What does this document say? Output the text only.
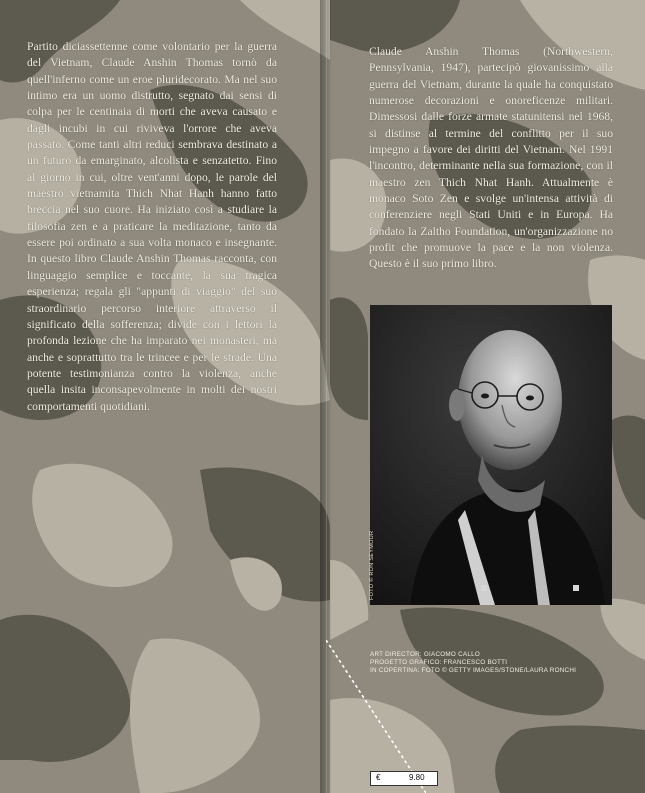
Partito diciassettenne come volontario per la guerra del Vietnam, Claude Anshin Thomas tornò da quell'inferno come un eroe pluridecorato. Ma nel suo intimo era un uomo distrutto, segnato dai sensi di colpa per le centinaia di morti che aveva causato e dagli incubi in cui riviveva l'orrore che aveva passato. Come tanti altri reduci sembrava destinato a un futuro da emarginato, alcolista e senzatetto. Fino al giorno in cui, oltre vent'anni dopo, le parole del maestro vietnamita Thich Nhat Hanh hanno fatto breccia nel suo cuore. Ha iniziato così a studiare la filosofia zen e a praticare la meditazione, tanto da essere poi ordinato a sua volta monaco e insegnante. In questo libro Claude Anshin Thomas racconta, con linguaggio semplice e toccante, la sua tragica esperienza; regala gli "appunti di viaggio" del suo straordinario percorso interiore attraverso il significato della sofferenza; divide con i lettori la profonda lezione che ha imparato nei monasteri, ma anche e soprattutto tra le trincee e per le strade. Una potente testimonianza contro la violenza, anche quella insita inconsapevolmente in molti dei nostri comportamenti quotidiani.
Claude Anshin Thomas (Northwestern, Pennsylvania, 1947), partecipò giovanissimo alla guerra del Vietnam, durante la quale ha conquistato numerose decorazioni e onoreficenze militari. Dimessosi dalle forze armate statunitensi nel 1968, si distinse al termine del conflitto per il suo impegno a favore dei diritti del Vietnam. Nel 1991 l'incontro, determinante nella sua formazione, con il maestro zen Thich Nhat Hanh. Attualmente è monaco Soto Zen e svolge un'intensa attività di conferenziere negli Stati Uniti e in Europa. Ha fondato la Zaltho Foundation, un'organizzazione no profit che promuove la pace e la non violenza. Questo è il suo primo libro.
FOTO © RON SEYMOUR
ART DIRECTOR: GIACOMO CALLO
PROGETTO GRAFICO: FRANCESCO BOTTI
IN COPERTINA: FOTO © GETTY IMAGES/STONE/LAURA RONCHI
€	9.80
